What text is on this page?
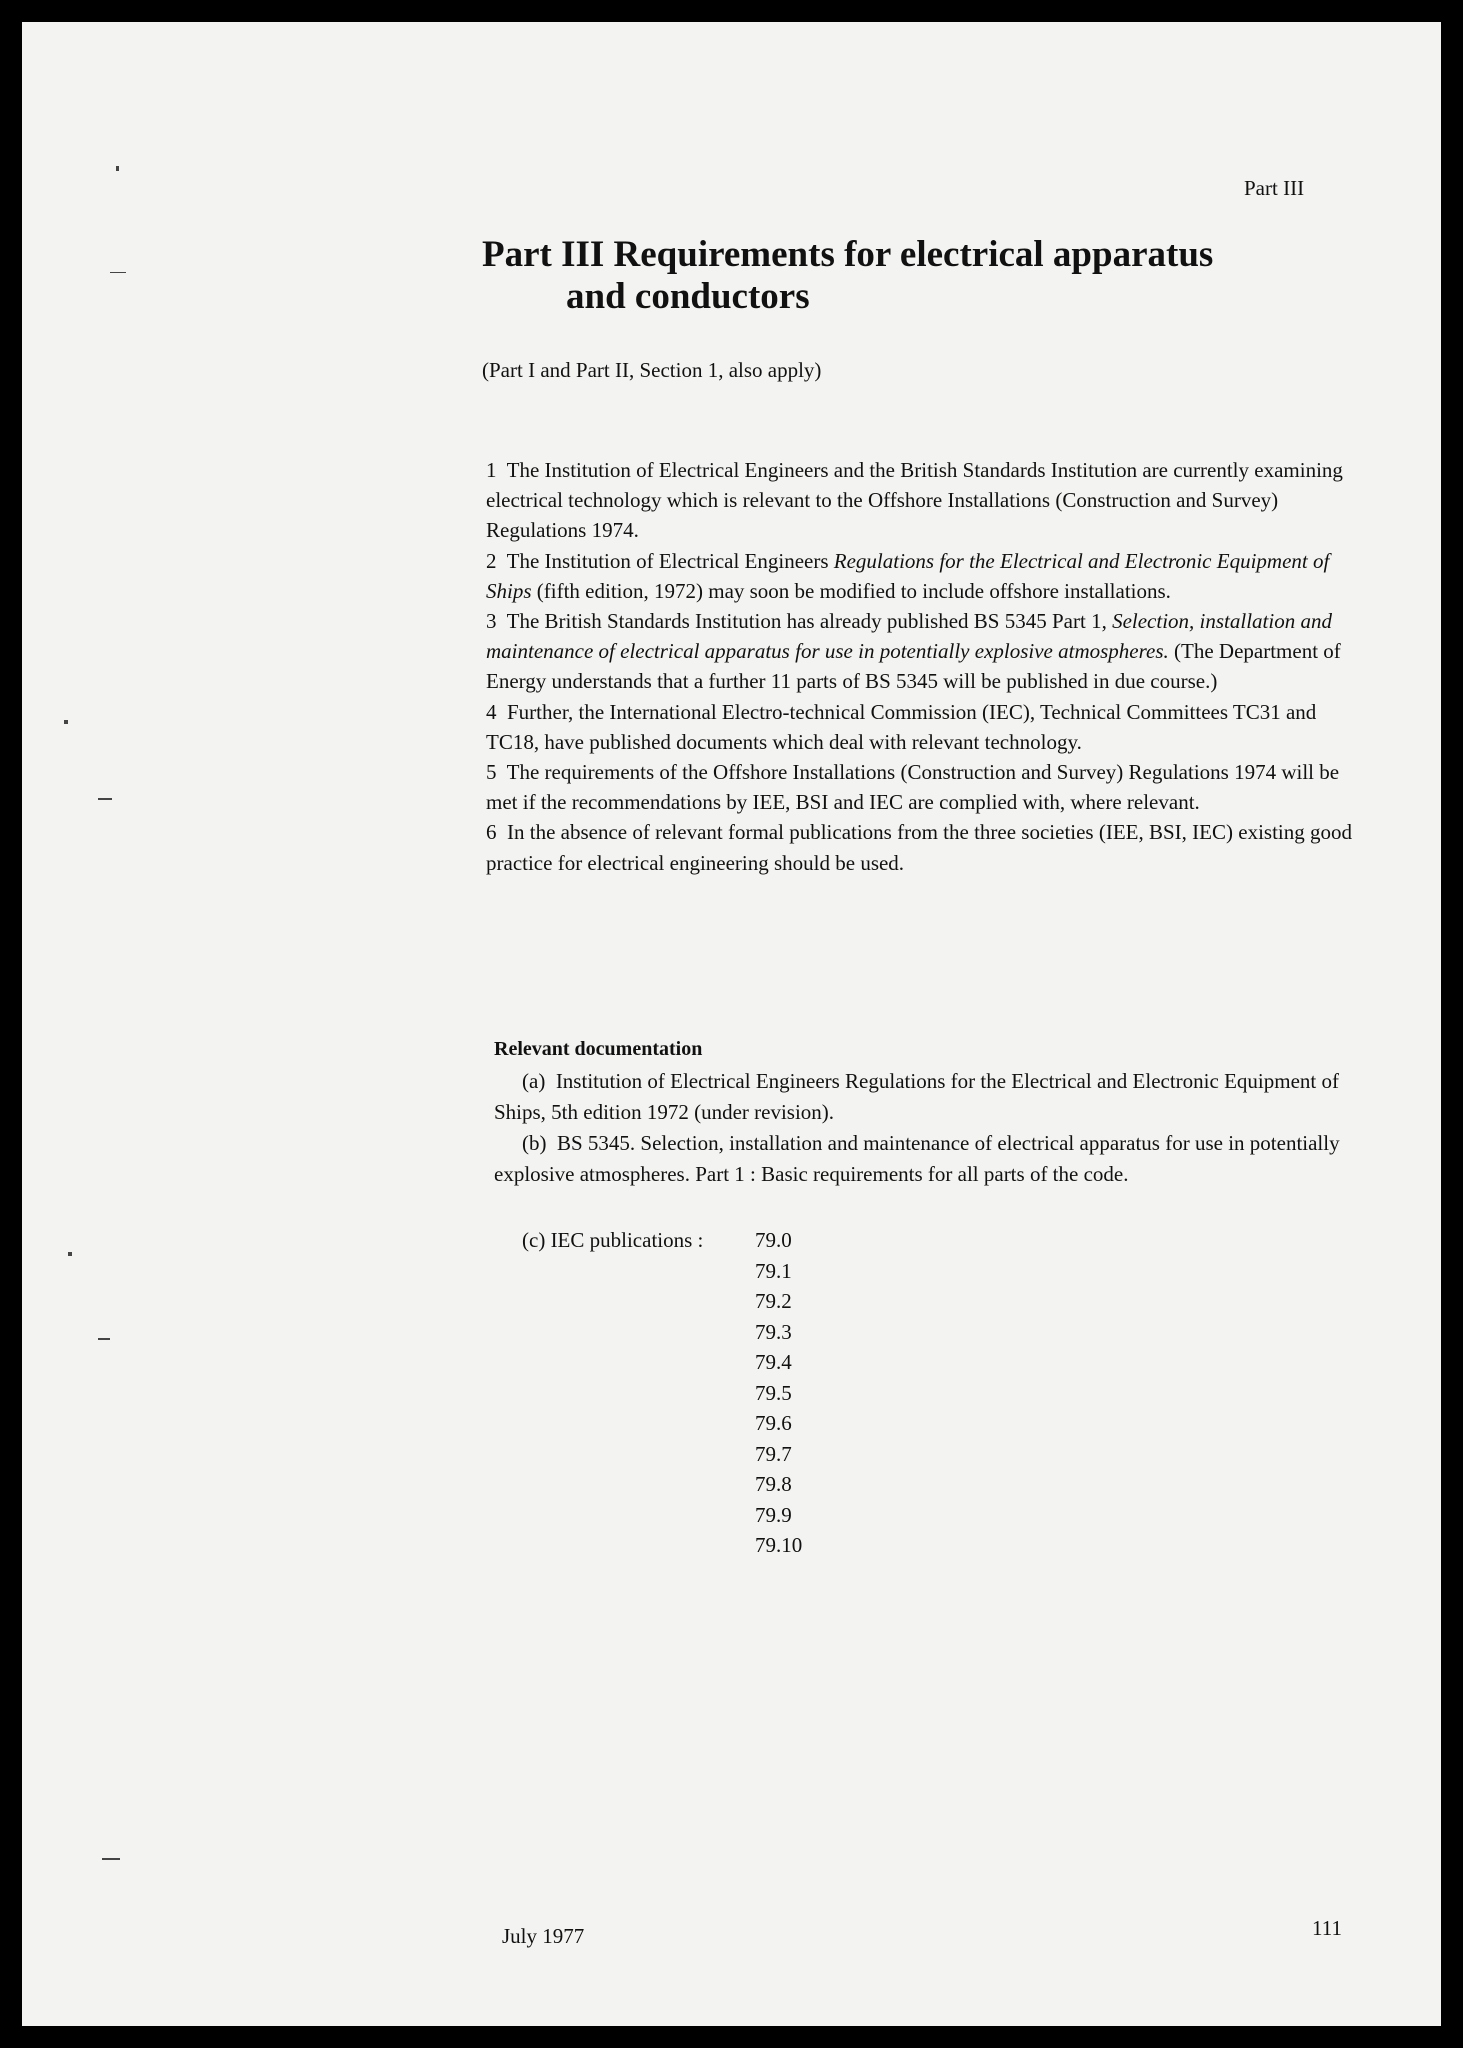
Part III
Part III Requirements for electrical apparatus
and conductors
(Part I and Part II, Section 1, also apply)

1 The Institution of Electrical Engineers and the British Standards Institution are currently examining electrical technology which is relevant to the Offshore Installations (Construction and Survey) Regulations 1974.

2 The Institution of Electrical Engineers Regulations for the Electrical and Electronic Equipment of Ships (fifth edition, 1972) may soon be modified to include offshore installations.

3 The British Standards Institution has already published BS 5345 Part 1, Selection, installation and maintenance of electrical apparatus for use in potentially explosive atmospheres. (The Department of Energy understands that a further 11 parts of BS 5345 will be published in due course.)

4 Further, the International Electro-technical Commission (IEC), Technical Committees TC31 and TC18, have published documents which deal with relevant technology.

5 The requirements of the Offshore Installations (Construction and Survey) Regulations 1974 will be met if the recommendations by IEE, BSI and IEC are complied with, where relevant.

6 In the absence of relevant formal publications from the three societies (IEE, BSI, IEC) existing good practice for electrical engineering should be used.

Relevant documentation

(a) Institution of Electrical Engineers Regulations for the Electrical and Electronic Equipment of Ships, 5th edition 1972 (under revision).

(b) BS 5345. Selection, installation and maintenance of electrical apparatus for use in potentially explosive atmospheres. Part 1 : Basic requirements for all parts of the code.

(c) IEC publications : 79.0
79.1
79.2
79.3
79.4
79.5
79.6
79.7
79.8
79.9
79.10
July 1977	111
